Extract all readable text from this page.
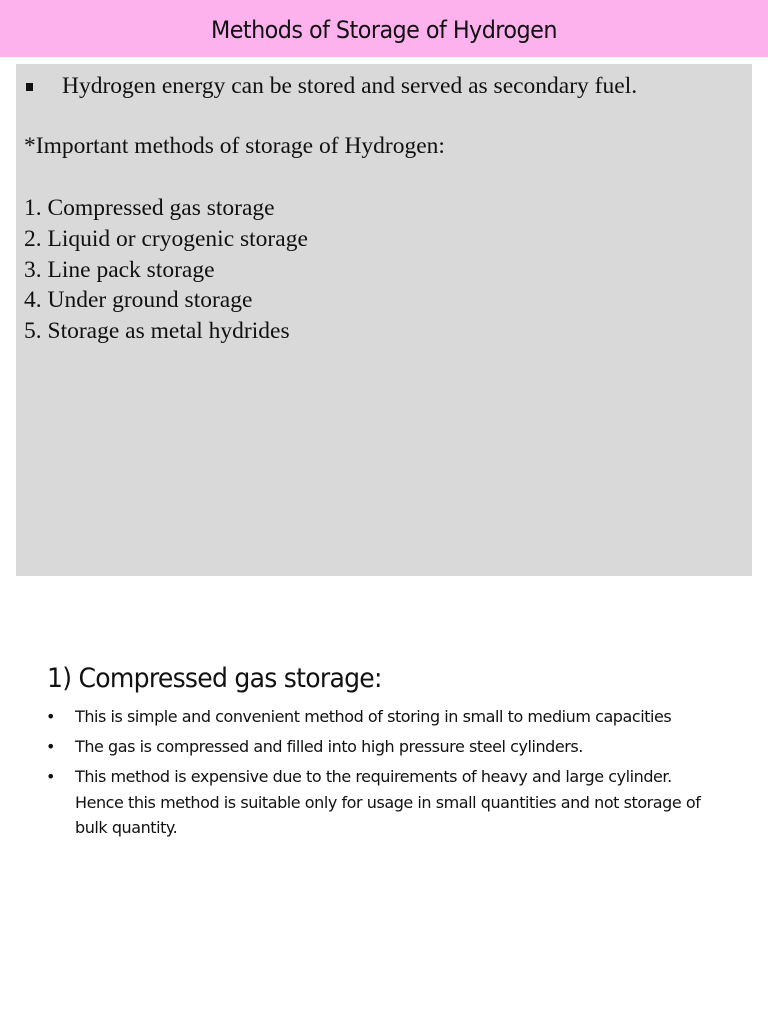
Methods of Storage of Hydrogen
Hydrogen energy can be stored and served as secondary fuel.
*Important methods of storage of Hydrogen:
1. Compressed gas storage
2. Liquid or cryogenic storage
3. Line pack storage
4. Under ground storage
5. Storage as metal hydrides
1) Compressed gas storage:
• This is simple and convenient method of storing in small to medium capacities
• The gas is compressed and filled into high pressure steel cylinders.
• This method is expensive due to the requirements of heavy and large cylinder. Hence this method is suitable only for usage in small quantities and not storage of bulk quantity.
